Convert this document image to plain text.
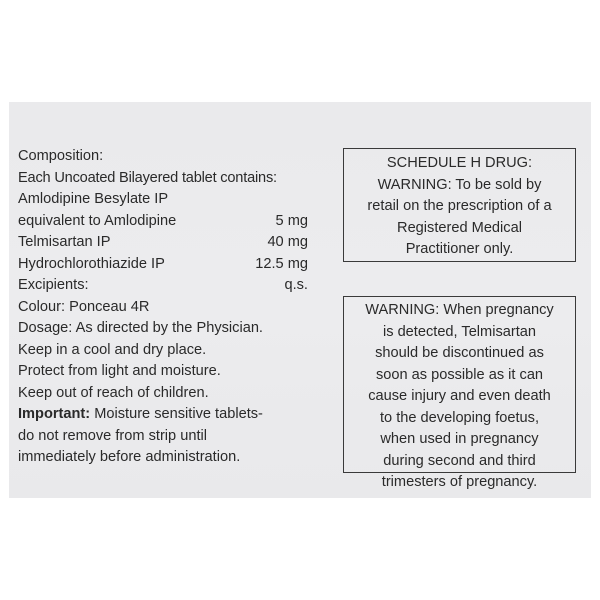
Composition:
Each Uncoated Bilayered tablet contains:
Amlodipine Besylate IP
equivalent to Amlodipine	5 mg
Telmisartan IP	40 mg
Hydrochlorothiazide IP	12.5 mg
Excipients:	q.s.
Colour: Ponceau 4R
Dosage: As directed by the Physician.
Keep in a cool and dry place.
Protect from light and moisture.
Keep out of reach of children.
Important: Moisture sensitive tablets-
do not remove from strip until
immediately before administration.
SCHEDULE H DRUG:
WARNING: To be sold by
retail on the prescription of a
Registered Medical
Practitioner only.
WARNING: When pregnancy
is detected, Telmisartan
should be discontinued as
soon as possible as it can
cause injury and even death
to the developing foetus,
when used in pregnancy
during second and third
trimesters of pregnancy.
